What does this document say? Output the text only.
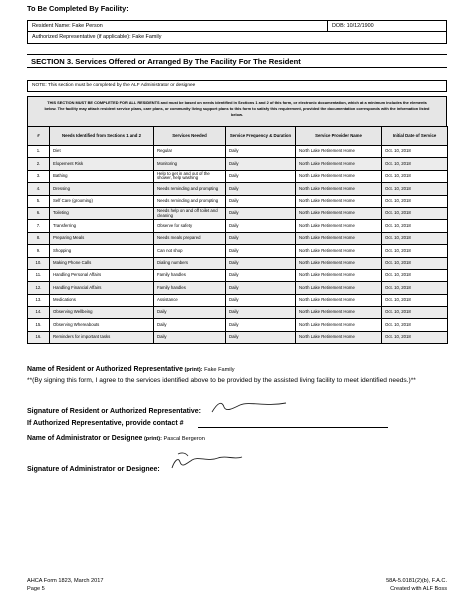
To Be Completed By Facility:
Resident Name: Fake Person	DOB: 10/12/1900
Authorized Representative (if applicable): Fake Family
SECTION 3. Services Offered or Arranged By The Facility For The Resident
NOTE: This section must be completed by the ALF Administrator or designee
THIS SECTION MUST BE COMPLETED FOR ALL RESIDENTS and must be based on needs identified in Sections 1 and 2 of this form, or electronic documentation, which at a minimum includes the elements below. The facility may attach resident service plans, care plans, or community living support plans to this form to satisfy this requirement, provided the documentation corresponds with the information listed below.
#	Needs Identified from Sections 1 and 2	Services Needed	Service Frequency & Duration	Service Provider Name	Initial Date of Service
1.	Diet	Regular	Daily	North Lake Retirement Home	Oct. 10, 2018
2.	Elopement Risk	Monitoring	Daily	North Lake Retirement Home	Oct. 10, 2018
3.	Bathing	Help to get in and out of the shower, help washing	Daily	North Lake Retirement Home	Oct. 10, 2018
4.	Dressing	Needs reminding and prompting	Daily	North Lake Retirement Home	Oct. 10, 2018
5.	Self Care (grooming)	Needs reminding and prompting	Daily	North Lake Retirement Home	Oct. 10, 2018
6.	Toileting	Needs help on and off toilet and cleaning	Daily	North Lake Retirement Home	Oct. 10, 2018
7.	Transferring	Observe for safety	Daily	North Lake Retirement Home	Oct. 10, 2018
8.	Preparing Meals	Needs meals prepared	Daily	North Lake Retirement Home	Oct. 10, 2018
9.	Shopping	Can not shop	Daily	North Lake Retirement Home	Oct. 10, 2018
10.	Making Phone Calls	Dialing numbers	Daily	North Lake Retirement Home	Oct. 10, 2018
11.	Handling Personal Affairs	Family handles	Daily	North Lake Retirement Home	Oct. 10, 2018
12.	Handling Financial Affairs	Family handles	Daily	North Lake Retirement Home	Oct. 10, 2018
13.	Medications	Assistance	Daily	North Lake Retirement Home	Oct. 10, 2018
14.	Observing Wellbeing	Daily	Daily	North Lake Retirement Home	Oct. 10, 2018
15.	Observing Whereabouts	Daily	Daily	North Lake Retirement Home	Oct. 10, 2018
16.	Reminders for important tasks	Daily	Daily	North Lake Retirement Home	Oct. 10, 2018
Name of Resident or Authorized Representative (print): Fake Family
**(By signing this form, I agree to the services identified above to be provided by the assisted living facility to meet identified needs.)**
Signature of Resident or Authorized Representative:
If Authorized Representative, provide contact #
Name of Administrator or Designee (print): Pascal Bergeron
Signature of Administrator or Designee:
AHCA Form 1823, March 2017
Page 5
58A-5.0181(2)(b), F.A.C.
Created with ALF Boss
